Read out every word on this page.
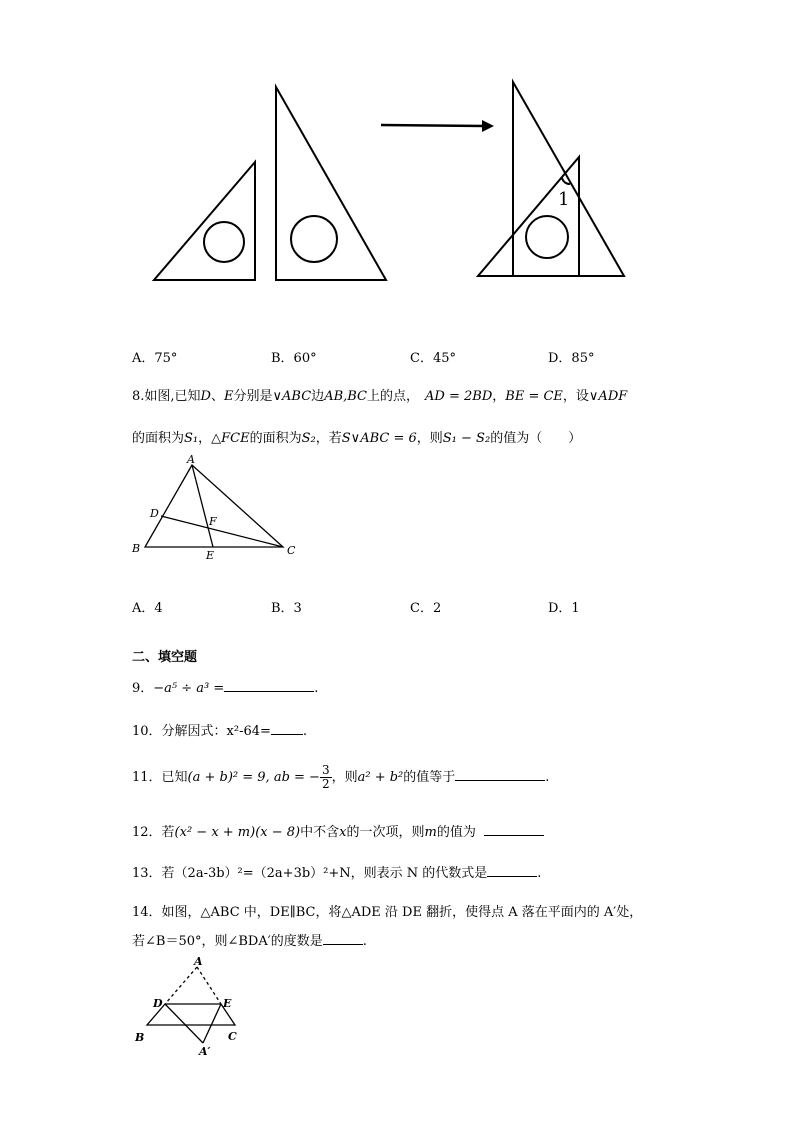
1
A．75°	B．60°	C．45°	D．85°
8.如图,已知D、E分别是∨ABC边AB,BC上的点， AD = 2BD，BE = CE，设∨ADF
的面积为S₁，△FCE的面积为S₂，若S∨ABC = 6，则S₁ − S₂的值为（　　）
A
D
F
B
E	C
A．4	B．3	C．2	D．1
二、填空题
9．−a⁵ ÷ a³ =	.
10．分解因式：x²-64= .
11．已知(a + b)² = 9, ab = − $\frac{3}{2}$ ，则a² + b²的值等于	.
12．若(x² − x + m)(x − 8)中不含x的一次项，则m的值为
13．若（2a-3b）²=（2a+3b）²+N，则表示 N 的代数式是	.
14．如图，△ABC 中，DE∥BC，将△ADE 沿 DE 翻折，使得点 A 落在平面内的 A′处，
若∠B＝50°，则∠BDA′的度数是	.
A
D	E
B	C
A′
